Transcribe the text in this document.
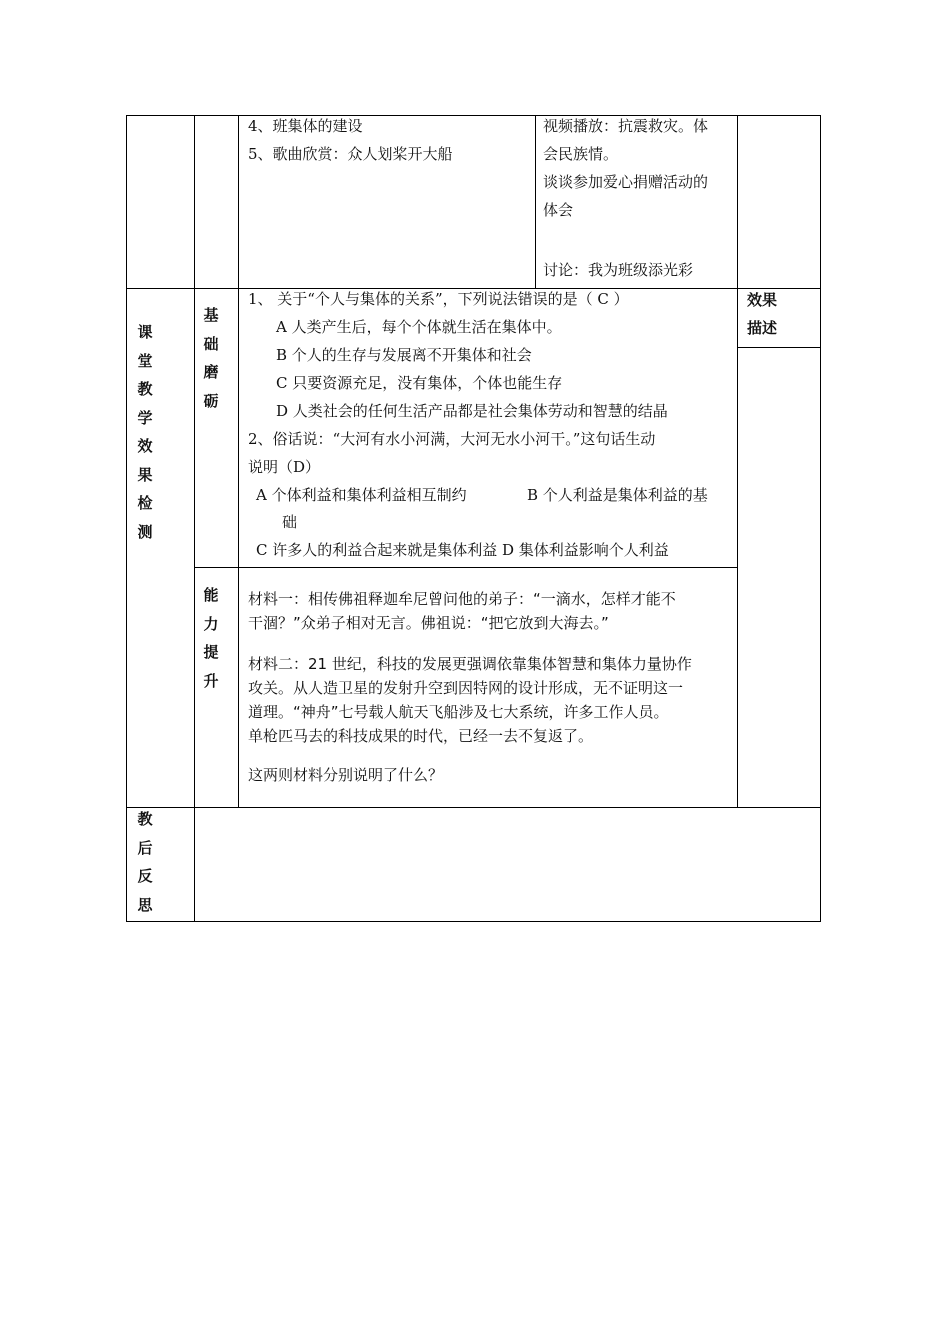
4、班集体的建设
5、歌曲欣赏：众人划桨开大船
视频播放：抗震救灾。体
会民族情。
谈谈参加爱心捐赠活动的
体会
讨论：我为班级添光彩
课
堂
教
学
效
果
检
测
基
础
磨
砺
1、 关于“个人与集体的关系”，下列说法错误的是（ C ）
A 人类产生后，每个个体就生活在集体中。
B 个人的生存与发展离不开集体和社会
C 只要资源充足，没有集体，个体也能生存
D 人类社会的任何生活产品都是社会集体劳动和智慧的结晶
2、俗话说：“大河有水小河满，大河无水小河干。”这句话生动
说明（D）
A 个体利益和集体利益相互制约	B 个人利益是集体利益的基
础
C 许多人的利益合起来就是集体利益 D 集体利益影响个人利益
效果
描述
能
力
提
升
材料一：相传佛祖释迦牟尼曾问他的弟子：“一滴水，怎样才能不
干涸？”众弟子相对无言。佛祖说：“把它放到大海去。”
材料二：21 世纪，科技的发展更强调依靠集体智慧和集体力量协作
攻关。从人造卫星的发射升空到因特网的设计形成，无不证明这一
道理。“神舟”七号载人航天飞船涉及七大系统，许多工作人员。
单枪匹马去的科技成果的时代，已经一去不复返了。
这两则材料分别说明了什么？
教
后
反
思
